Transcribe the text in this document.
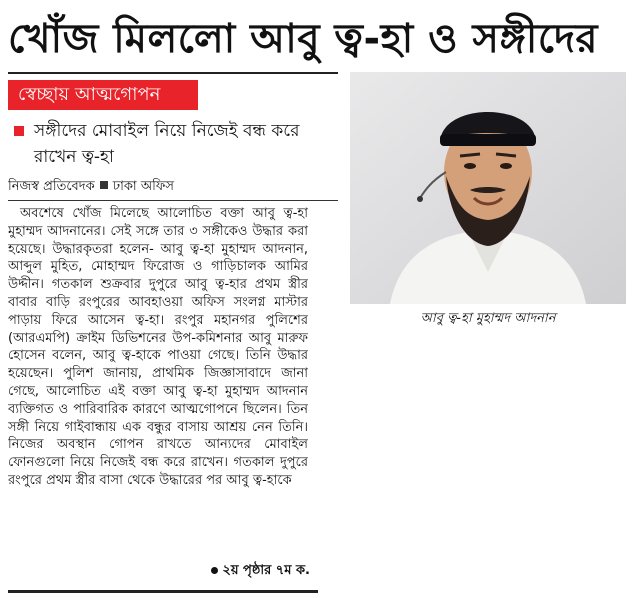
খোঁজ মিললো আবু ত্ব-হা ও সঙ্গীদের
স্বেচ্ছায় আত্মগোপন
সঙ্গীদের মোবাইল নিয়ে নিজেই বন্ধ করে রাখেন ত্ব-হা
নিজস্ব প্রতিবেদক ঢাকা অফিস
আবু ত্ব-হা মুহাম্মদ আদনান

অবশেষে খোঁজ মিলেছে আলোচিত বক্তা আবু ত্ব-হা মুহাম্মদ আদনানের। সেই সঙ্গে তার ৩ সঙ্গীকেও উদ্ধার করা হয়েছে। উদ্ধারকৃতরা হলেন- আবু ত্ব-হা মুহাম্মদ আদনান, আব্দুল মুহিত, মোহাম্মদ ফিরোজ ও গাড়িচালক আমির উদ্দীন। গতকাল শুক্রবার দুপুরে আবু ত্ব-হার প্রথম স্ত্রীর বাবার বাড়ি রংপুরের আবহাওয়া অফিস সংলগ্ন মাস্টার পাড়ায় ফিরে আসেন ত্ব-হা। রংপুর মহানগর পুলিশের (আরএমপি) ক্রাইম ডিভিশনের উপ-কমিশনার আবু মারুফ হোসেন বলেন, আবু ত্ব-হাকে পাওয়া গেছে। তিনি উদ্ধার হয়েছেন। পুলিশ জানায়, প্রাথমিক জিজ্ঞাসাবাদে জানা গেছে, আলোচিত এই বক্তা আবু ত্ব-হা মুহাম্মদ আদনান ব্যক্তিগত ও পারিবারিক কারণে আত্মগোপনে ছিলেন। তিন সঙ্গী নিয়ে গাইবান্ধায় এক বন্ধুর বাসায় আশ্রয় নেন তিনি। নিজের অবস্থান গোপন রাখতে আন্যদের মোবাইল ফোনগুলো নিয়ে নিজেই বন্ধ করে রাখেন। গতকাল দুপুরে রংপুরে প্রথম স্ত্রীর বাসা থেকে উদ্ধারের পর আবু ত্ব-হাকে

২য় পৃষ্ঠার ৭ম ক.
